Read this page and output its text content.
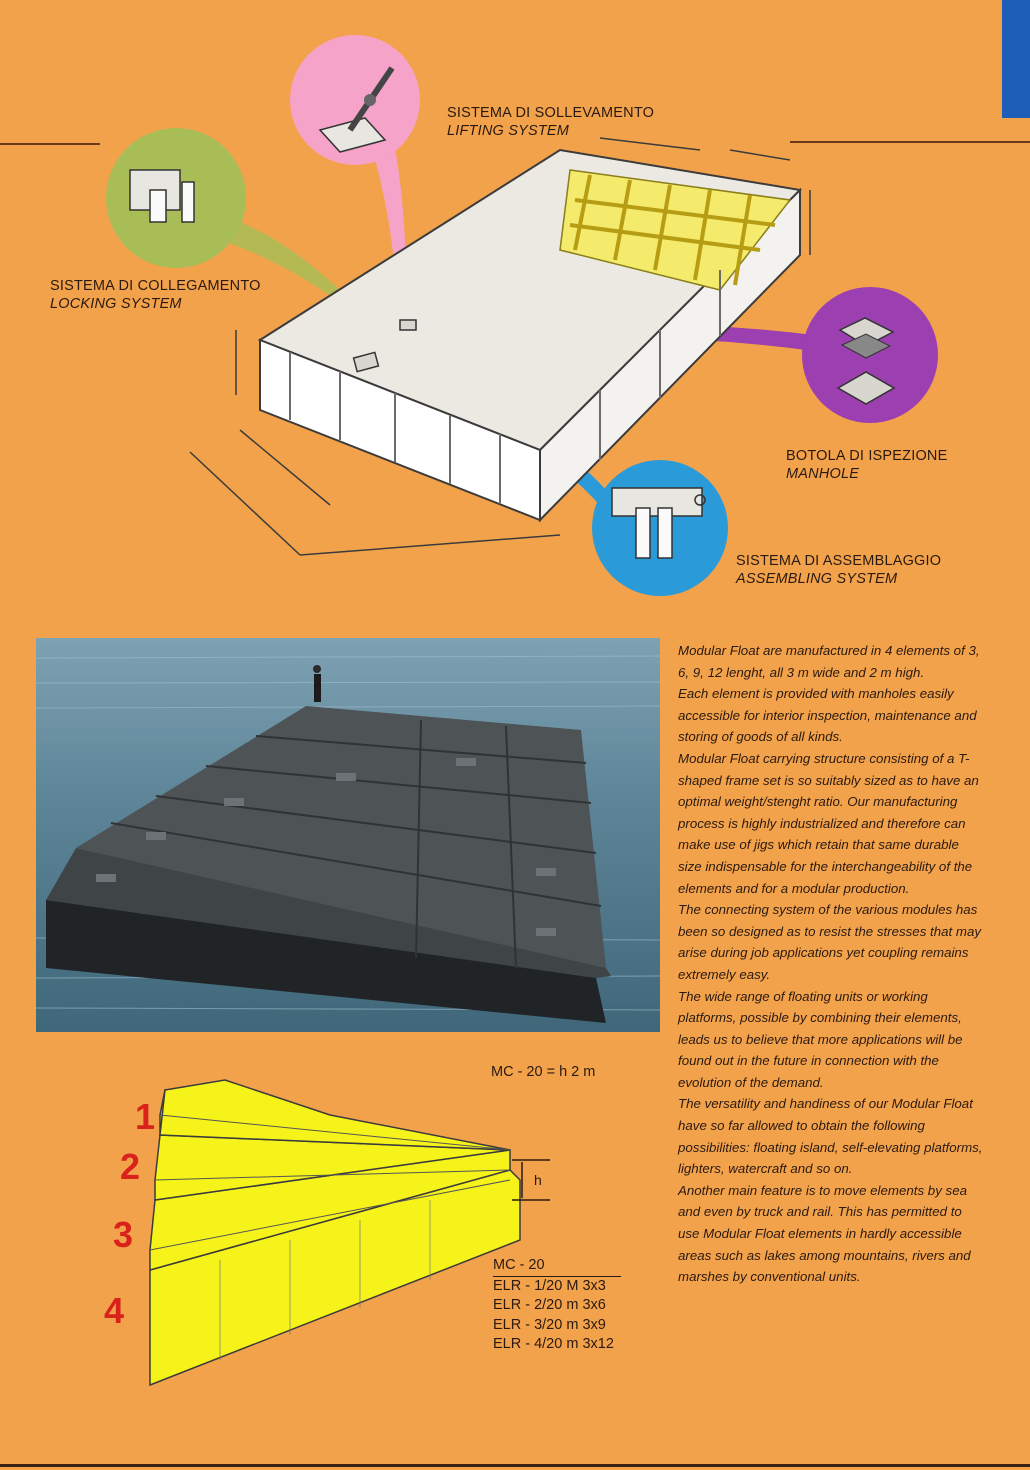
SISTEMA DI SOLLEVAMENTO
LIFTING SYSTEM
SISTEMA DI COLLEGAMENTO
LOCKING SYSTEM
BOTOLA DI ISPEZIONE
MANHOLE
SISTEMA DI ASSEMBLAGGIO
ASSEMBLING SYSTEM

Modular Float are manufactured in 4 elements of 3, 6, 9, 12 lenght, all 3 m wide and 2 m high.

Each element is provided with manholes easily accessible for interior inspection, maintenance and storing of goods of all kinds.

Modular Float carrying structure consisting of a T-shaped frame set is so suitably sized as to have an optimal weight/stenght ratio. Our manufacturing process is highly industrialized and therefore can make use of jigs which retain that same durable size indispensable for the interchangeability of the elements and for a modular production.

The connecting system of the various modules has been so designed as to resist the stresses that may arise during job applications yet coupling remains extremely easy.

The wide range of floating units or working platforms, possible by combining their elements, leads us to believe that more applications will be found out in the future in connection with the evolution of the demand.

The versatility and handiness of our Modular Float have so far allowed to obtain the following possibilities: floating island, self-elevating platforms, lighters, watercraft and so on.

Another main feature is to move elements by sea and even by truck and rail. This has permitted to use Modular Float elements in hardly accessible areas such as lakes among mountains, rivers and marshes by conventional units.

1
2
3
4
MC - 20 = h 2 m
h
MC - 20
ELR - 1/20 M 3x3
ELR - 2/20 m 3x6
ELR - 3/20 m 3x9
ELR - 4/20 m 3x12
